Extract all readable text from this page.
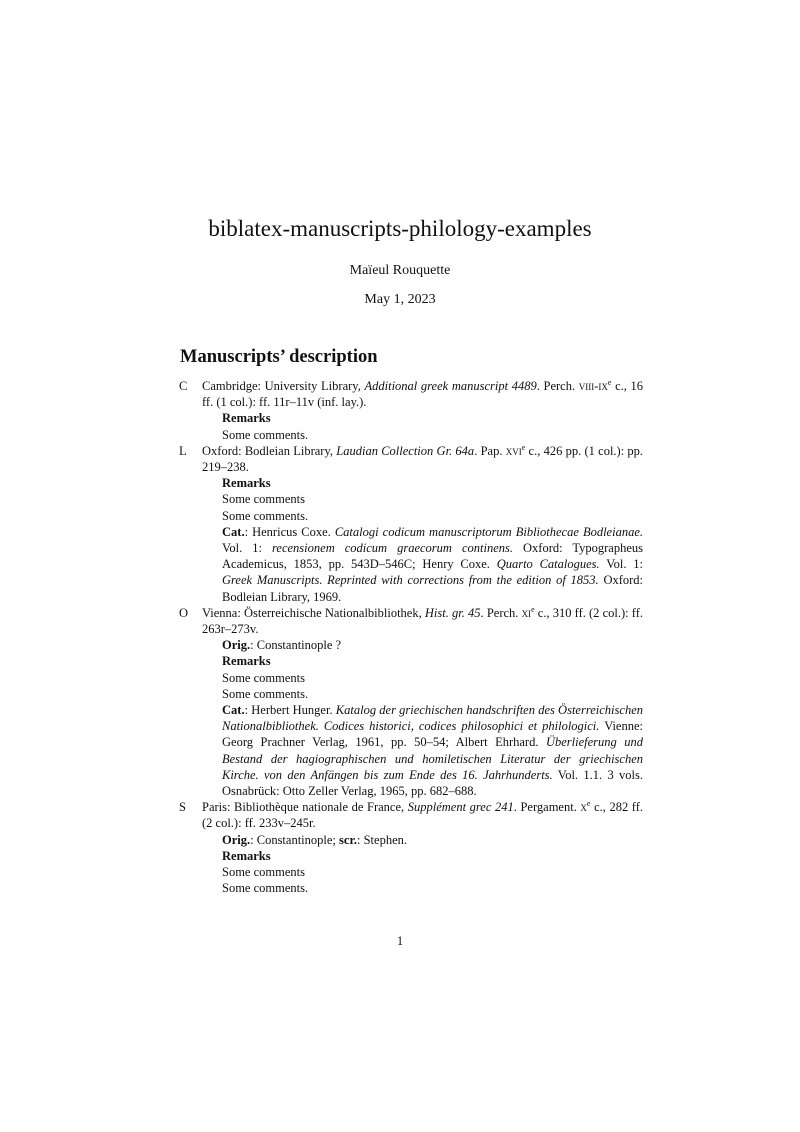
biblatex-manuscripts-philology-examples
Maïeul Rouquette
May 1, 2023
Manuscripts’ description
C	Cambridge: University Library, Additional greek manuscript 4489. Perch. viii-$ix^e$ c., 16 ff. (1 col.): ff. 11r–11v (inf. lay.).
Remarks
Some comments.
L	Oxford: Bodleian Library, Laudian Collection Gr. 64a. Pap. xvi$^e$ c., 426 pp. (1 col.): pp. 219–238.
Remarks
Some comments
Some comments.
Cat.: Henricus Coxe. Catalogi codicum manuscriptorum Bibliothecae Bodleianae. Vol. 1: recensionem codicum graecorum continens. Oxford: Typographeus Academicus, 1853, pp. 543D–546C; Henry Coxe. Quarto Catalogues. Vol. 1: Greek Manuscripts. Reprinted with corrections from the edition of 1853. Oxford: Bodleian Library, 1969.
O	Vienna: Österreichische Nationalbibliothek, Hist. gr. 45. Perch. $xi^e$ c., 310 ff. (2 col.): ff. 263r–273v.
Orig.: Constantinople ?
Remarks
Some comments
Some comments.
Cat.: Herbert Hunger. Katalog der griechischen handschriften des Österreichischen Nationalbibliothek. Codices historici, codices philosophici et philologici. Vienne: Georg Prachner Verlag, 1961, pp. 50–54; Albert Ehrhard. Überlieferung und Bestand der hagiographischen und homiletischen Literatur der griechischen Kirche. von den Anfängen bis zum Ende des 16. Jahrhunderts. Vol. 1.1. 3 vols. Osnabrück: Otto Zeller Verlag, 1965, pp. 682–688.
S	Paris: Bibliothèque nationale de France, Supplément grec 241. Pergament. $x^e$ c., 282 ff. (2 col.): ff. 233v–245r.
Orig.: Constantinople; scr.: Stephen.
Remarks
Some comments
Some comments.
1
